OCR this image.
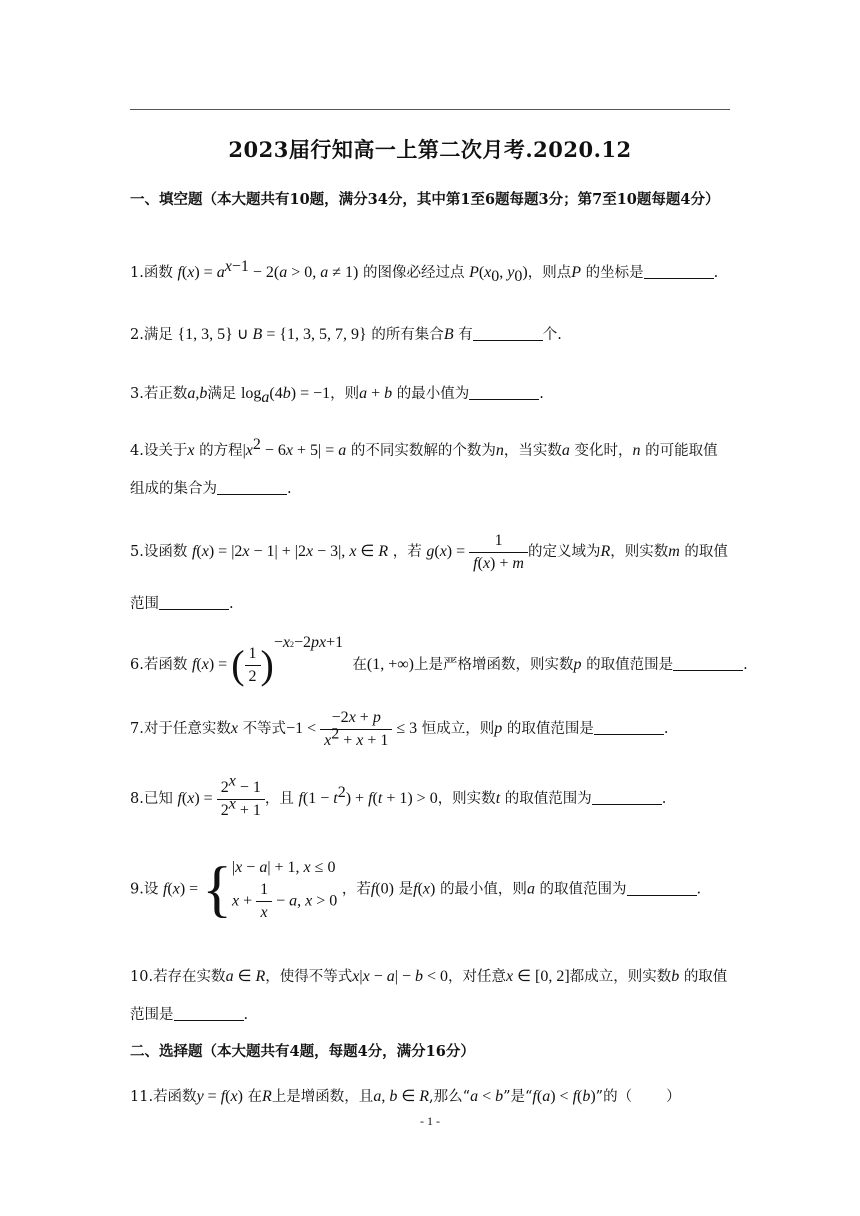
2023届行知高一上第二次月考.2020.12
一、填空题（本大题共有10题，满分34分，其中第1至6题每题3分；第7至10题每题4分）
1.函数 $f(x) = a^{x-1} - 2(a > 0$, a ≠ 1) 的图像必经过点 $P(x_0$, $y_0$)，则点P 的坐标是	.
2.满足 {1, 3, 5} ∪ B = {1, 3, 5, 7, 9} 的所有集合B 有	个.
3.若正数a,b满足 $\log_a(4b) = -1$，则a + b 的最小值为	.
4.设关于x 的方程$|x^2 - 6x + 5| = a$ 的不同实数解的个数为n，当实数a 变化时，n 的可能取值组成的集合为	.
5.设函数 f(x) = |2x − 1| + |2x − 3|, x ∈ R ，若 $g(x) = \frac{1}{f(x) + m}$ 的定义域为R，则实数m 的取值范围	.
6.若函数 f(x) = ( $\frac{1}{2} )^{-x2-2px+1}$  在(1, +∞)上是严格增函数，则实数p 的取值范围是	.
7.对于任意实数x 不等式$-1 < \frac{-2x + p}{x^2 + x + 1} \le 3$ 恒成立，则p 的取值范围是	.
8.已知 $f(x) = \frac{2^x - 1}{2^x + 1}$ ，且 $f(1 - t^2) + f(t + 1) > 0$，则实数t 的取值范围为	.
9.设 f(x) = { |x − a| + 1, x ≤ 0
$x + \frac{1}{x} - a$, x > 0
，若f(0) 是f(x) 的最小值，则a 的取值范围为	.
10.若存在实数a ∈ R，使得不等式x|x − a| − b < 0，对任意x ∈ [0, 2]都成立，则实数b 的取值范围是	.
二、选择题（本大题共有4题，每题4分，满分16分）
11.若函数y = f(x) 在R上是增函数，且a, b ∈ R,那么“a < b”是“f(a) < f(b)”的（ ）
- 1 -
